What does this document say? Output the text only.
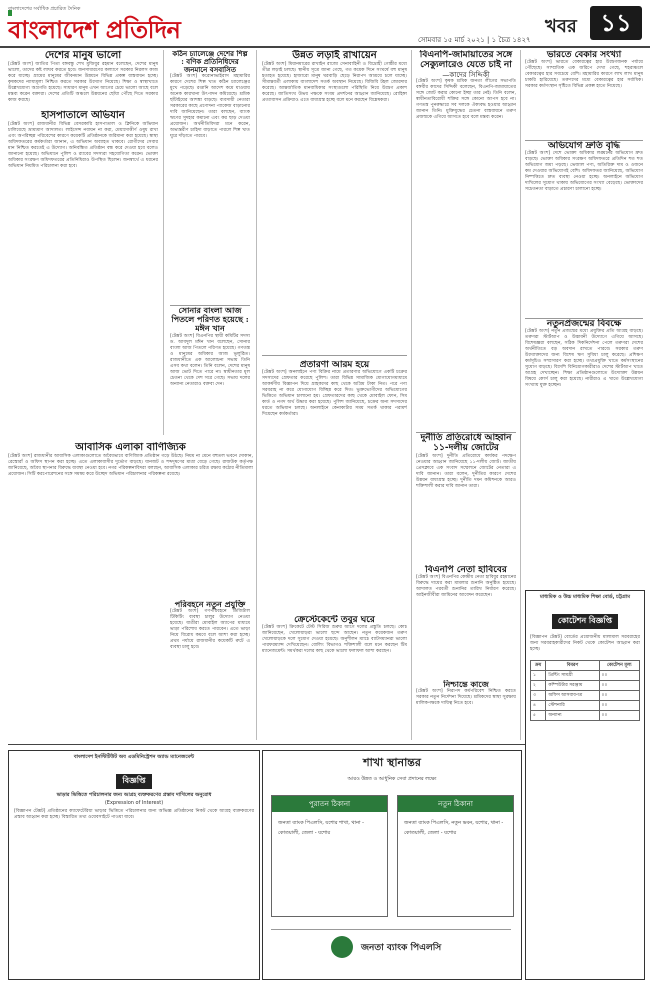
বাংলাদেশের সর্বাধিক প্রচারিত দৈনিক
বাংলাদেশ প্রতিদিন	সোমবার ১৫ মার্চ ২০২১ | ১ চৈত্র ১৪২৭
খবর ১১
দেশের মানুষ ভালো
[টেক্সট অংশ] জাতির পিতা বঙ্গবন্ধু শেখ মুজিবুর রহমান বলেছেন, দেশের মানুষ ভালো, তাদের কষ্ট লাঘব করতে হবে। জনসাধারণের কল্যাণে সরকার নিরলস কাজ করে যাচ্ছে। গ্রামের মানুষের জীবনমান উন্নয়নে বিভিন্ন প্রকল্প বাস্তবায়ন হচ্ছে। কৃষকদের ন্যায্যমূল্য নিশ্চিত করতে সরকার উদ্যোগ নিয়েছে। শিক্ষা ও স্বাস্থ্যখাতে উল্লেখযোগ্য অগ্রগতি হয়েছে। সাধারণ মানুষ এখন আগের চেয়ে ভালো আছে বলে মন্তব্য করেন বক্তারা। দেশের প্রতিটি অঞ্চলে উন্নয়নের ছোঁয়া পৌঁছে দিতে সরকার কাজ করছে।
হাসপাতালে অভিযান
[টেক্সট অংশ] রাজধানীর বিভিন্ন বেসরকারি হাসপাতাল ও ক্লিনিকে অভিযান চালিয়েছে ভ্রাম্যমাণ আদালত। লাইসেন্স নবায়ন না করা, মেয়াদোত্তীর্ণ ওষুধ রাখা এবং অপরিচ্ছন্ন পরিবেশের কারণে কয়েকটি প্রতিষ্ঠানকে জরিমানা করা হয়েছে। স্বাস্থ্য অধিদফতরের কর্মকর্তারা জানান, এ অভিযান অব্যাহত থাকবে। রোগীদের সেবার মান নিশ্চিত করতেই এ উদ্যোগ। অনিবন্ধিত প্রতিষ্ঠান বন্ধ করে দেওয়া হবে বলেও জানানো হয়েছে। অভিযানে পুলিশ ও র‌্যাবের সদস্যরা সহযোগিতা করেন। ভোক্তা অধিকার সংরক্ষণ অধিদফতরের প্রতিনিধিরাও উপস্থিত ছিলেন। জনস্বার্থে এ ধরনের অভিযান নিয়মিত পরিচালনা করা হবে।
আবাসিক এলাকা বাণিজ্যিক
[টেক্সট অংশ] রাজধানীর আবাসিক এলাকাগুলোতে অবৈধভাবে বাণিজ্যিক প্রতিষ্ঠান গড়ে উঠছে। নিয়ম না মেনে বহুতল ভবনে দোকান, রেস্তোরাঁ ও অফিস স্থাপন করা হচ্ছে। এতে এলাকাবাসীর দুর্ভোগ বাড়ছে। যানজট ও শব্দদূষণের মাত্রা বেড়ে গেছে। রাজউক কর্তৃপক্ষ জানিয়েছে, অবৈধ স্থাপনার বিরুদ্ধে ব্যবস্থা নেওয়া হবে। নগর পরিকল্পনাবিদরা বলছেন, আবাসিক এলাকার চরিত্র রক্ষায় কঠোর নীতিমালা প্রয়োজন। সিটি করপোরেশনের সঙ্গে সমন্বয় করে উচ্ছেদ অভিযান পরিচালনার পরিকল্পনা রয়েছে।
কঠিন চ্যালেঞ্জে দেশের শিল্প : বণিক প্রতিনিধিদের জনমানে বসবাসিত
[টেক্সট অংশ] করোনাভাইরাস মহামারির কারণে দেশের শিল্প খাত কঠিন চ্যালেঞ্জের মুখে পড়েছে। রপ্তানি আদেশ কমে যাওয়ায় অনেক কারখানা উৎপাদন কমিয়েছে। শ্রমিক ছাঁটাইয়ের আশঙ্কা বাড়ছে। ব্যবসায়ী নেতারা সরকারের কাছে প্রণোদনা প্যাকেজ বাড়ানোর দাবি জানিয়েছেন। তারা বলছেন, ব্যাংক ঋণের সুদহার কমানো এবং কর ছাড় দেওয়া প্রয়োজন। অর্থনীতিবিদরা মনে করেন, অভ্যন্তরীণ চাহিদা বাড়াতে পারলে শিল্প খাত ঘুরে দাঁড়াতে পারবে।
সোনার বাংলা আজ পিতলে পরিণত হয়েছে : মঈন খান
[টেক্সট অংশ] বিএনপির স্থায়ী কমিটির সদস্য ড. আবদুল মঈন খান বলেছেন, সোনার বাংলা আজ পিতলে পরিণত হয়েছে। গণতন্ত্র ও মানুষের অধিকার আজ ভূলুণ্ঠিত। রাজধানীতে এক আলোচনা সভায় তিনি এসব কথা বলেন। তিনি বলেন, দেশের মানুষ আজ ভোট দিতে পারে না। স্বাধীনতার মূল চেতনা থেকে দেশ সরে গেছে। সভায় দলের অন্যান্য নেতারাও বক্তব্য দেন।
পরিবহনে নতুন প্রযুক্তি
[টেক্সট অংশ] গণপরিবহনে ডিজিটাল টিকিটিং ব্যবস্থা চালুর উদ্যোগ নেওয়া হয়েছে। যাত্রীরা মোবাইল অ্যাপের মাধ্যমে ভাড়া পরিশোধ করতে পারবেন। এতে ভাড়া নিয়ে বিরোধ কমবে বলে আশা করা হচ্ছে। প্রথম পর্যায়ে রাজধানীর কয়েকটি রুটে এ ব্যবস্থা চালু হবে।
উন্নত লড়াই রাখায়েন
[টেক্সট অংশ] মিয়ানমারের রাখাইন রাজ্যে সেনাবাহিনী ও বিদ্রোহী গোষ্ঠীর মধ্যে তীব্র লড়াই চলছে। স্থানীয় সূত্রে জানা গেছে, গত কয়েক দিনে সংঘর্ষে বহু মানুষ হতাহত হয়েছে। হাজারো মানুষ ঘরবাড়ি ছেড়ে নিরাপদ আশ্রয়ে চলে যাচ্ছে। সীমান্তবর্তী এলাকায় বাংলাদেশ সতর্ক অবস্থান নিয়েছে। বিজিবি টহল জোরদার করেছে। আন্তর্জাতিক মানবাধিকার সংস্থাগুলো পরিস্থিতি নিয়ে উদ্বেগ প্রকাশ করেছে। জাতিসংঘ উভয় পক্ষকে সংযম প্রদর্শনের আহ্বান জানিয়েছে। রোহিঙ্গা প্রত্যাবাসন প্রক্রিয়াও এতে বাধাগ্রস্ত হচ্ছে বলে মনে করছেন বিশ্লেষকরা।
প্রতারণা আরম হয়ে
[টেক্সট অংশ] অনলাইনে পণ্য বিক্রির নামে প্রতারণার অভিযোগে একটি চক্রের সদস্যদের গ্রেফতার করেছে পুলিশ। তারা বিভিন্ন সামাজিক যোগাযোগমাধ্যমে আকর্ষণীয় বিজ্ঞাপন দিয়ে গ্রাহকদের কাছ থেকে অগ্রিম টাকা নিত। পরে পণ্য সরবরাহ না করে যোগাযোগ বিচ্ছিন্ন করে দিত। ভুক্তভোগীদের অভিযোগের ভিত্তিতে অভিযান চালানো হয়। গ্রেফতারদের কাছ থেকে মোবাইল ফোন, সিম কার্ড ও নগদ অর্থ উদ্ধার করা হয়েছে। পুলিশ জানিয়েছে, চক্রের অন্য সদস্যদের ধরতে অভিযান চলছে। অনলাইনে কেনাকাটার সময় সতর্ক থাকার পরামর্শ দিয়েছেন কর্মকর্তারা।
ক্রেস্টেকেন্টে তবুর ঘরে
[টেক্সট অংশ] ক্রিকেটে টেস্ট সিরিজ শুরুর আগে দলের প্রস্তুতি চলছে। কোচ জানিয়েছেন, খেলোয়াড়রা ভালো ছন্দে আছেন। নতুন কয়েকজন তরুণ খেলোয়াড়কে দলে সুযোগ দেওয়া হয়েছে। অনুশীলন ম্যাচে ব্যাটসম্যানরা ভালো পারফরম্যান্স দেখিয়েছেন। বোলিং বিভাগও শক্তিশালী বলে মনে করছেন টিম ম্যানেজমেন্ট। সমর্থকরা দলের কাছ থেকে ভালো ফলাফল আশা করছেন।
বিএনপি-জামায়াতের সঙ্গে সেক্যুলারেও যেতে চাই না
—কাদের সিদ্দিকী
[টেক্সট অংশ] কৃষক শ্রমিক জনতা লীগের সভাপতি বঙ্গবীর কাদের সিদ্দিকী বলেছেন, বিএনপি-জামায়াতের সঙ্গে জোট করার কোনো ইচ্ছা তার নেই। তিনি বলেন, স্বাধীনতাবিরোধী শক্তির সঙ্গে কোনো আপস হবে না। গণতন্ত্র পুনরুদ্ধারে সব দলকে ঐক্যবদ্ধ হওয়ার আহ্বান জানান তিনি। মুক্তিযুদ্ধের চেতনা বাস্তবায়নে তরুণ প্রজন্মকে এগিয়ে আসতে হবে বলে মন্তব্য করেন।
দুর্নীতি প্রতিরোধে আহ্বান ১১-দলীয় জোটের
[টেক্সট অংশ] দুর্নীতি প্রতিরোধে কার্যকর পদক্ষেপ নেওয়ার আহ্বান জানিয়েছে ১১-দলীয় জোট। জাতীয় প্রেসক্লাবে এক সংবাদ সম্মেলনে জোটের নেতারা এ দাবি জানান। তারা বলেন, দুর্নীতির কারণে দেশের উন্নয়ন বাধাগ্রস্ত হচ্ছে। দুর্নীতি দমন কমিশনকে আরও শক্তিশালী করার দাবি জানান তারা।
বিএনপি নেতা হাবিবের
[টেক্সট অংশ] বিএনপির কেন্দ্রীয় নেতা হাবিবুর রহমানের বিরুদ্ধে দায়ের করা মামলার শুনানি অনুষ্ঠিত হয়েছে। আদালত পরবর্তী শুনানির তারিখ নির্ধারণ করেছে। আইনজীবীরা জামিনের আবেদন করেছেন।
নিশ্চান্তে কাজে
[টেক্সট অংশ] নিরাপদ কর্মপরিবেশ নিশ্চিত করতে সরকার নতুন নির্দেশনা দিয়েছে। শ্রমিকদের স্বাস্থ্য সুরক্ষায় মালিকপক্ষকে দায়িত্ব নিতে হবে।
ভারতে বেকার সংখ্যা
[টেক্সট অংশ] ভারতে বেকারত্বের হার উদ্বেগজনক পর্যায়ে পৌঁছেছে। সাম্প্রতিক এক জরিপে দেখা গেছে, শহরাঞ্চলে বেকারত্বের হার সবচেয়ে বেশি। মহামারির কারণে লাখ লাখ মানুষ চাকরি হারিয়েছে। তরুণদের মধ্যে বেকারত্বের হার সর্বাধিক। সরকার কর্মসংস্থান সৃষ্টিতে বিভিন্ন প্রকল্প হাতে নিয়েছে।
অভিযোগ দ্রুতি বৃদ্ধি
[টেক্সট অংশ] দেশে ভোক্তা অধিকার লঙ্ঘনের অভিযোগ দ্রুত বাড়ছে। ভোক্তা অধিকার সংরক্ষণ অধিদফতরে প্রতিদিন শত শত অভিযোগ জমা পড়ছে। ভেজাল পণ্য, অতিরিক্ত দাম ও ওজনে কম দেওয়ার অভিযোগই বেশি। অধিদফতর জানিয়েছে, অভিযোগ নিষ্পত্তিতে দ্রুত ব্যবস্থা নেওয়া হচ্ছে। অনলাইনে অভিযোগ দাখিলের সুযোগ থাকায় অভিযোগের সংখ্যা বেড়েছে। ভোক্তাদের সচেতনতা বাড়াতে প্রচারণা চালানো হচ্ছে।
নতুনপ্রজন্মের বিবক্ষে
[টেক্সট অংশ] নতুন প্রজন্মের মধ্যে প্রযুক্তির প্রতি আগ্রহ বাড়ছে। তরুণরা স্টার্টআপ ও উদ্ভাবনী উদ্যোগে এগিয়ে আসছে। বিশেষজ্ঞরা বলছেন, সঠিক দিকনির্দেশনা পেলে তরুণরা দেশের অর্থনীতিতে বড় অবদান রাখতে পারবে। সরকার তরুণ উদ্যোক্তাদের জন্য বিশেষ ঋণ সুবিধা চালু করেছে। প্রশিক্ষণ কর্মসূচিও সম্প্রসারণ করা হচ্ছে। তথ্যপ্রযুক্তি খাতে কর্মসংস্থানের সুযোগ বাড়ছে। বিদেশি বিনিয়োগকারীরাও দেশের স্টার্টআপ খাতে আগ্রহ দেখাচ্ছেন। শিক্ষা প্রতিষ্ঠানগুলোতে উদ্যোক্তা উন্নয়ন বিষয়ে কোর্স চালু করা হয়েছে। নারীরাও এ খাতে উল্লেখযোগ্য সংখ্যায় যুক্ত হচ্ছেন।
বাংলাদেশ ইনস্টিটিউট অব এডমিনিস্ট্রেশন অ্যান্ড ম্যানেজমেন্ট
বিজ্ঞপ্তি
ভাড়ার ভিত্তিতে পরিচালনার জন্য আগ্রহ ব্যক্তকরণের প্রস্তাব দাখিলের অনুরোধ
(Expression of Interest)
[বিজ্ঞাপন টেক্সট] প্রতিষ্ঠানের ক্যাফেটেরিয়া ভাড়ার ভিত্তিতে পরিচালনার জন্য অভিজ্ঞ প্রতিষ্ঠানের নিকট থেকে আগ্রহ ব্যক্তকরণের প্রস্তাব আহ্বান করা হচ্ছে। বিস্তারিত তথ্য ওয়েবসাইটে পাওয়া যাবে।
শাখা স্থানান্তর
আরও উন্নত ও আধুনিক সেবা প্রদানের লক্ষ্যে
পুরাতন ঠিকানা
জনতা ব্যাংক পিএলসি, যশোর শাখা, থানা - কোতয়ালী, জেলা - যশোর
নতুন ঠিকানা
জনতা ব্যাংক পিএলসি, নতুন ভবন, যশোর, থানা - কোতয়ালী, জেলা - যশোর
জনতা ব্যাংক পিএলসি
মাধ্যমিক ও উচ্চ মাধ্যমিক শিক্ষা বোর্ড, চট্টগ্রাম
কোটেশন বিজ্ঞপ্তি
[বিজ্ঞাপন টেক্সট] বোর্ডের প্রয়োজনীয় মালামাল সরবরাহের জন্য সরবরাহকারীদের নিকট থেকে কোটেশন আহ্বান করা হচ্ছে।
ক্রম	বিবরণ	কোটেশন মূল্য
১	প্রিন্টিং সামগ্রী	০০
২	কম্পিউটার সরঞ্জাম	০০
৩	অফিস আসবাবপত্র	০০
৪	স্টেশনারি	০০
৫	অন্যান্য	০০
